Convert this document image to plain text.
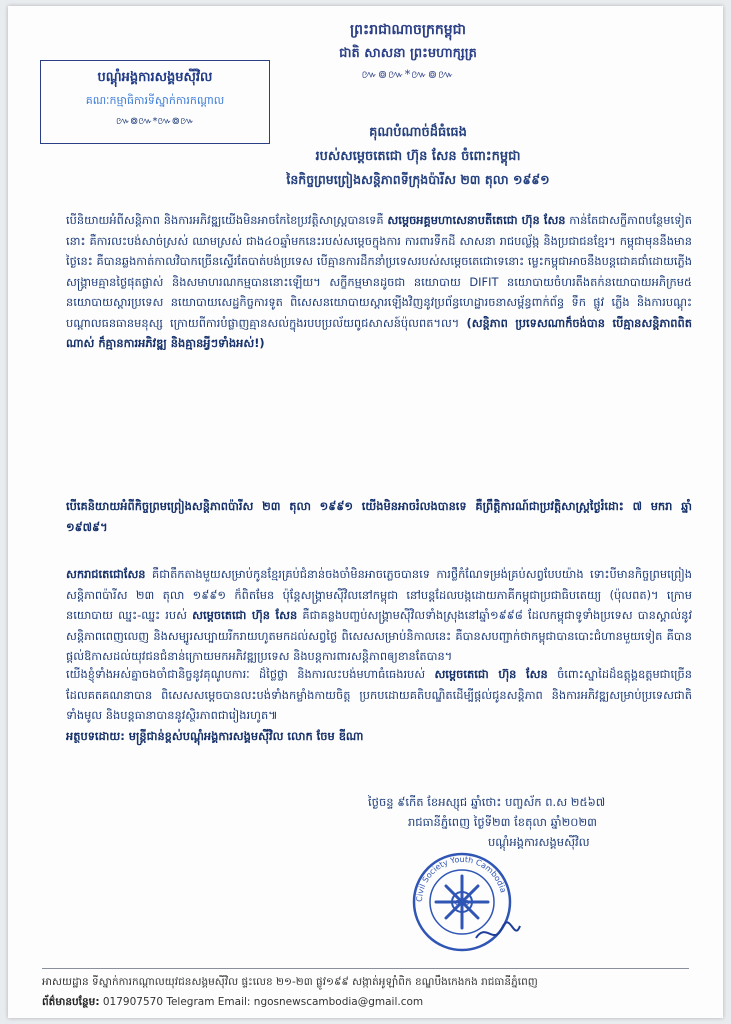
ព្រះរាជាណាចក្រកម្ពុជា
ជាតិ សាសនា ព្រះមហាក្សត្រ
៚៙៚*៚៙៚
បណ្ដុំអង្គការសង្គមស៊ីវិល
គណៈកម្មាធិការទីស្នាក់ការកណ្ដាល
៚៙៚*៚៙៚
គុណបំណាច់ដ៏ធំធេង
របស់សម្ដេចតេជោ ហ៊ុន សែន ចំពោះកម្ពុជា
នៃកិច្ចព្រមព្រៀងសន្តិភាពទីក្រុងប៉ារីស ២៣ តុលា ១៩៩១
បើនិយាយអំពីសន្តិភាព និងការអភិវឌ្ឍយើងមិនអាចកែខៃប្រវត្តិសាស្ត្របានទេគឺ សម្ដេចអគ្គមហាសេនាបតីតេជោ ហ៊ុន សែន កាន់តែជាសក្ខីភាពបន្ថែមទៀតនោះ គឺការលះបង់សាច់ស្រស់ ឈាមស្រស់ ជាង៤០ឆ្នាំមកនេះរបស់សម្ដេចក្នុងការ ការពារទឹកដី សាសនា រាជបល្ល័ង្ក និងប្រជាជនខ្មែរ។ កម្ពុជាមុននឹងមានថ្ងៃនេះ គឺបានឆ្លងកាត់កាលវិបាកច្រើនស្ទើរតែបាត់បង់ប្រទេស បើគ្មានការដឹកនាំប្រទេសរបស់សម្ដេចតេជោទេនោះ ម្លេះកម្ពុជាអាចនឹងបន្តជោគជាំដោយភ្លើងសង្គ្រាមគ្មានថ្ងៃផុតផ្លាស់ និងសមាហរណកម្មបាននោះឡើយ។ សក្ខីកម្មមានដូចជា នយោបាយ DIFIT នយោបាយចំហរតឹងតក់នយោបាយអភិក្រម៥ នយោបាយស្ដារប្រទេស នយោបាយសេដ្ឋកិច្ចការទូត ពិសេសនយោបាយស្ដារឡើងវិញនូវប្រព័ន្ធហេដ្ឋារចនាសម្ព័ន្ធពាក់ព័ន្ធ ទឹក ផ្លូវ ភ្លើង និងការបណ្ដុះបណ្ដាលធនធានមនុស្ស ក្រោយពីការបំផ្លាញគ្មានសល់ក្នុងរបបប្រល័យពូជសាសន៍ប៉ុលពត។ល។ (សន្តិភាព ប្រទេសណាក៏ចង់បាន បើគ្មានសន្តិភាពពិតណាស់ ក៏គ្មានការអភិវឌ្ឍ និងគ្មានអ្វីៗទាំងអស់!)
បើគេនិយាយអំពីកិច្ចព្រមព្រៀងសន្តិភាពប៉ារីស ២៣ តុលា ១៩៩១ យើងមិនអាចរំលងបានទេ គឺព្រឹត្តិការណ៍ជាប្រវត្តិសាស្ត្រថ្ងៃរំដោះ ៧ មករា ឆ្នាំ ១៩៧៩។
សករាជតេជោសែន គឺជាតឹកតាងមួយសម្រាប់កូនខ្មែរគ្រប់ជំនាន់ចងចាំមិនអាចភ្លេចបានទេ ការថ្លឹកំណែទម្រង់គ្រប់សព្វបែបយ៉ាង ទោះបីមានកិច្ចព្រមព្រៀងសន្តិភាពប៉ារីស ២៣ តុលា ១៩៩១ ក៏ពិតមែន ប៉ុន្តែសង្គ្រាមស៊ីវិលនៅកម្ពុជា នៅបន្តដែលបង្កដោយភាគីកម្ពុជាប្រជាធិបតេយ្យ (ប៉ុលពត)។ ក្រោមនយោបាយ ឈ្នះ-ឈ្នះ របស់ សម្ដេចតេជោ ហ៊ុន សែន គឺជាគន្លងបញ្ចប់សង្គ្រាមស៊ីវិលទាំងស្រុងនៅឆ្នាំ១៩៩៨ ដែលកម្ពុជាទូទាំងប្រទេស បានស្គាល់នូវសន្តិភាពពេញលេញ និងសម្បូរសប្បាយរីករាយហូតមកដល់សព្វថ្ងៃ ពិសេសសម្រាប់និកាលនេះ គឺបានសបញ្ជាក់ថាកម្ពុជាបានបោះជំហានមួយទៀត គឺបានផ្ដល់ឱកាសដល់យុវជនជំនាន់ក្រោយមកអភិវឌ្ឍប្រទេស និងបន្តការពារសន្តិភាពឲ្យខានតែបាន។
យើងខ្ញុំទាំងអស់គ្នាចងចាំជានិច្ចនូវគុណូបការៈ ដ៏ថ្លៃថ្លា និងការលះបង់មហាធំធេងរបស់ សម្ដេចតេជោ ហ៊ុន សែន ចំពោះស្នាដៃដ៏ឧត្ដុង្គឧត្ដមជាច្រើនដែលគតគណនាបាន ពិសេសសម្ដេចបានលះបង់ទាំងកម្លាំងកាយចិត្ត ប្រកបដោយគតិបណ្ឌិតដើម្បីផ្ដល់ជូនសន្តិភាព និងការអភិវឌ្ឍសម្រាប់ប្រទេសជាតិទាំងមូល និងបន្តធានាបាននូវស្ថិរភាពជារៀងរហូត៕
អត្ថបទដោយ: មន្ត្រីជាន់ខ្ពស់បណ្ដុំអង្គការសង្គមស៊ីវិល លោក ចែម ឌីណា
ថ្ងៃចន្ទ ៩កើត ខែអស្សុជ ឆ្នាំថោះ បញ្ចស័ក ព.ស ២៥៦៧
រាជធានីភ្នំពេញ ថ្ងៃទី២៣ ខែតុលា ឆ្នាំ២០២៣
បណ្ដុំអង្គការសង្គមស៊ីវិល
Civil Society Youth Cambodia
CSO
អាសយដ្ឋាន ទីស្នាក់ការកណ្ដាលយុវជនសង្គមស៊ីវិល ផ្ទះលេខ ២១-២៣ ផ្លូវ១៩៩ សង្កាត់អូឡាំពិក ខណ្ឌបឹងកេងកង រាជធានីភ្នំពេញ
ព័ត៌មានបន្ថែម: 017907570 Telegram Email: ngosnewscambodia@gmail.com
